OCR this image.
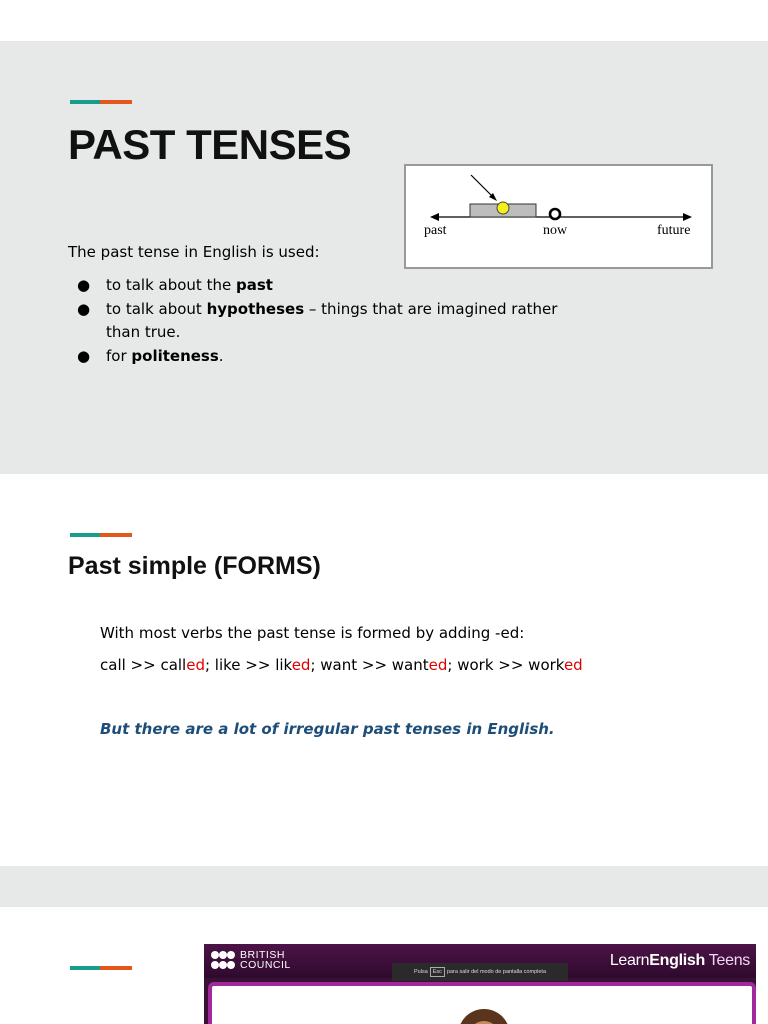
PAST TENSES
past	now	future
The past tense in English is used:
● to talk about the past
● to talk about hypotheses – things that are imagined rather
than true.
● for politeness.
Past simple (FORMS)
With most verbs the past tense is formed by adding -ed:
call >> called; like >> liked; want >> wanted; work >> worked
But there are a lot of irregular past tenses in English.
BRITISH
COUNCIL	LearnEnglish Teens
Pulsa Esc para salir del modo de pantalla completa
